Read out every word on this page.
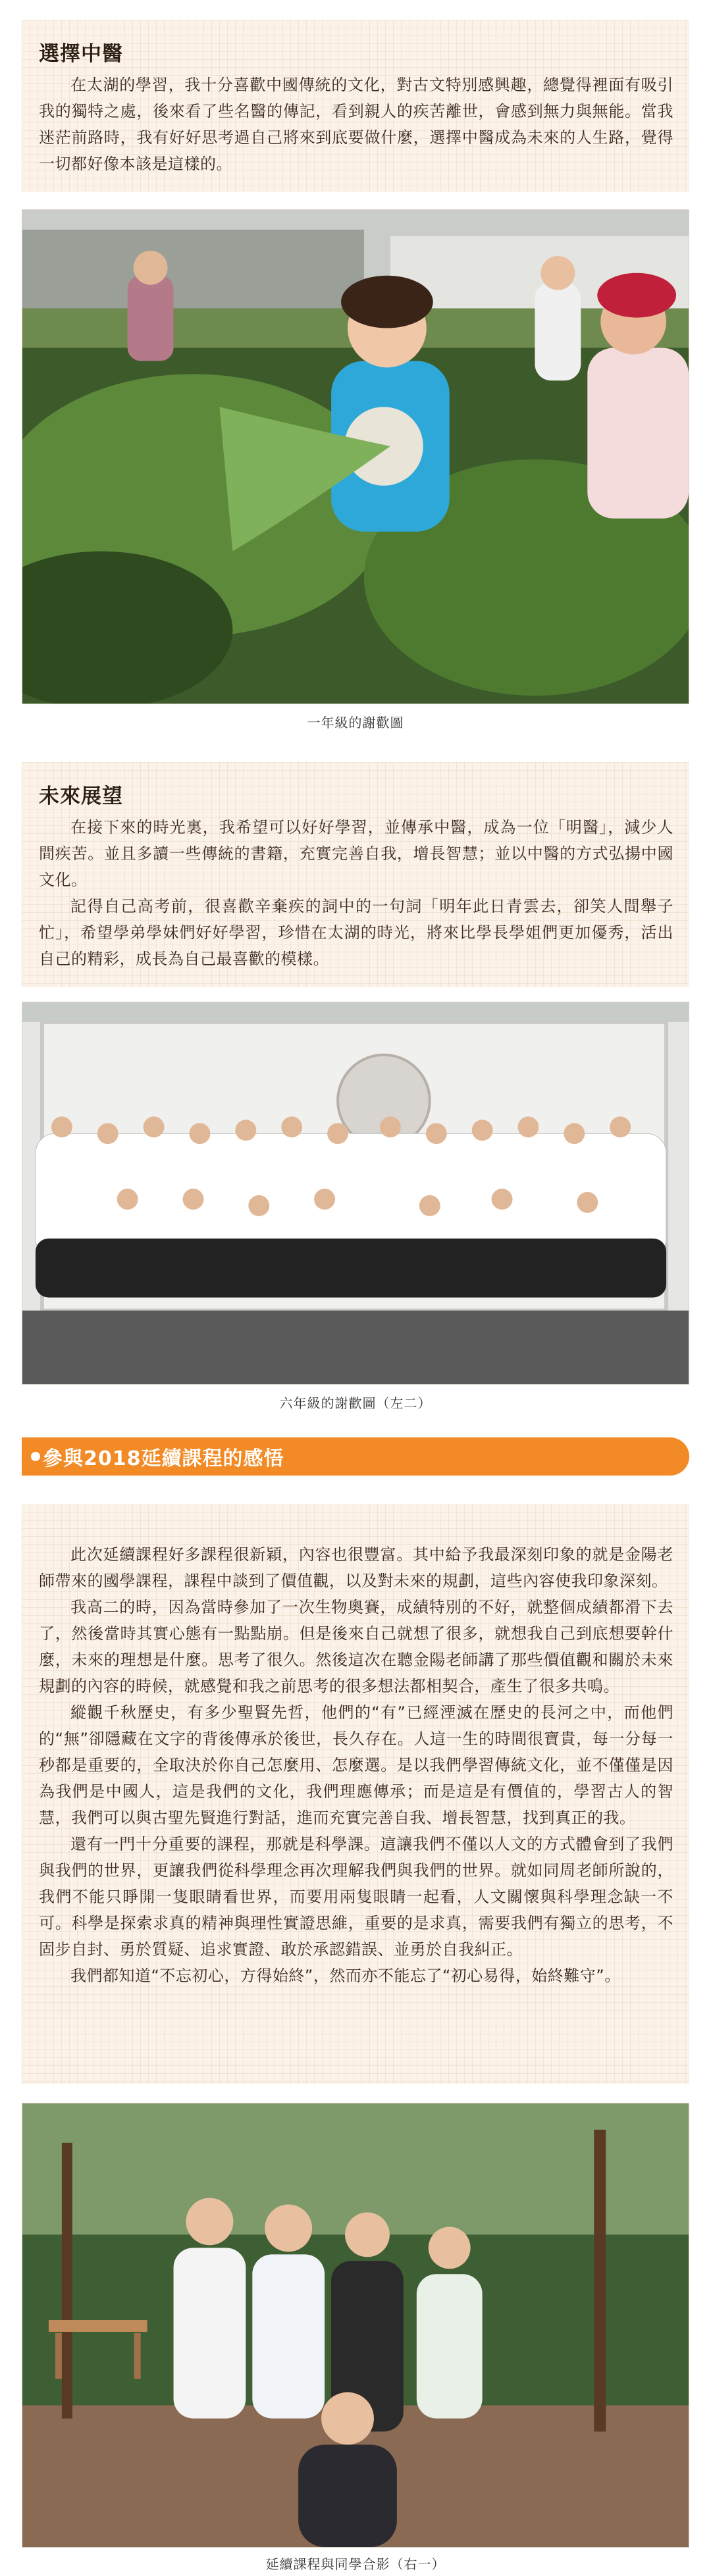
選擇中醫

在太湖的學習，我十分喜歡中國傳統的文化，對古文特別感興趣，總覺得裡面有吸引我的獨特之處，後來看了些名醫的傳記，看到親人的疾苦離世，會感到無力與無能。當我迷茫前路時，我有好好思考過自己將來到底要做什麼，選擇中醫成為未來的人生路，覺得一切都好像本該是這樣的。

一年級的謝歡圖
未來展望

在接下來的時光裏，我希望可以好好學習，並傳承中醫，成為一位「明醫」，減少人間疾苦。並且多讀一些傳統的書籍，充實完善自我，增長智慧；並以中醫的方式弘揚中國文化。

記得自己高考前，很喜歡辛棄疾的詞中的一句詞「明年此日青雲去，卻笑人間舉子忙」，希望學弟學妹們好好學習，珍惜在太湖的時光，將來比學長學姐們更加優秀，活出自己的精彩，成長為自己最喜歡的模樣。

六年級的謝歡圖（左二）
參與2018延續課程的感悟

此次延續課程好多課程很新穎，內容也很豐富。其中給予我最深刻印象的就是金陽老師帶來的國學課程，課程中談到了價值觀，以及對未來的規劃，這些內容使我印象深刻。

我高二的時，因為當時參加了一次生物奧賽，成績特別的不好，就整個成績都滑下去了，然後當時其實心態有一點點崩。但是後來自己就想了很多，就想我自己到底想要幹什麼，未來的理想是什麼。思考了很久。然後這次在聽金陽老師講了那些價值觀和關於未來規劃的內容的時候，就感覺和我之前思考的很多想法都相契合，產生了很多共鳴。

縱觀千秋歷史，有多少聖賢先哲，他們的“有”已經湮滅在歷史的長河之中，而他們的“無”卻隱藏在文字的背後傳承於後世，長久存在。人這一生的時間很寶貴，每一分每一秒都是重要的，全取決於你自己怎麼用、怎麼選。是以我們學習傳統文化，並不僅僅是因為我們是中國人，這是我們的文化，我們理應傳承；而是這是有價值的，學習古人的智慧，我們可以與古聖先賢進行對話，進而充實完善自我、增長智慧，找到真正的我。

還有一門十分重要的課程，那就是科學課。這讓我們不僅以人文的方式體會到了我們與我們的世界，更讓我們從科學理念再次理解我們與我們的世界。就如同周老師所說的，我們不能只睜開一隻眼睛看世界，而要用兩隻眼睛一起看，人文關懷與科學理念缺一不可。科學是探索求真的精神與理性實證思維，重要的是求真，需要我們有獨立的思考，不固步自封、勇於質疑、追求實證、敢於承認錯誤、並勇於自我糾正。

我們都知道“不忘初心，方得始終”，然而亦不能忘了“初心易得，始終難守”。

延續課程與同學合影（右一）
